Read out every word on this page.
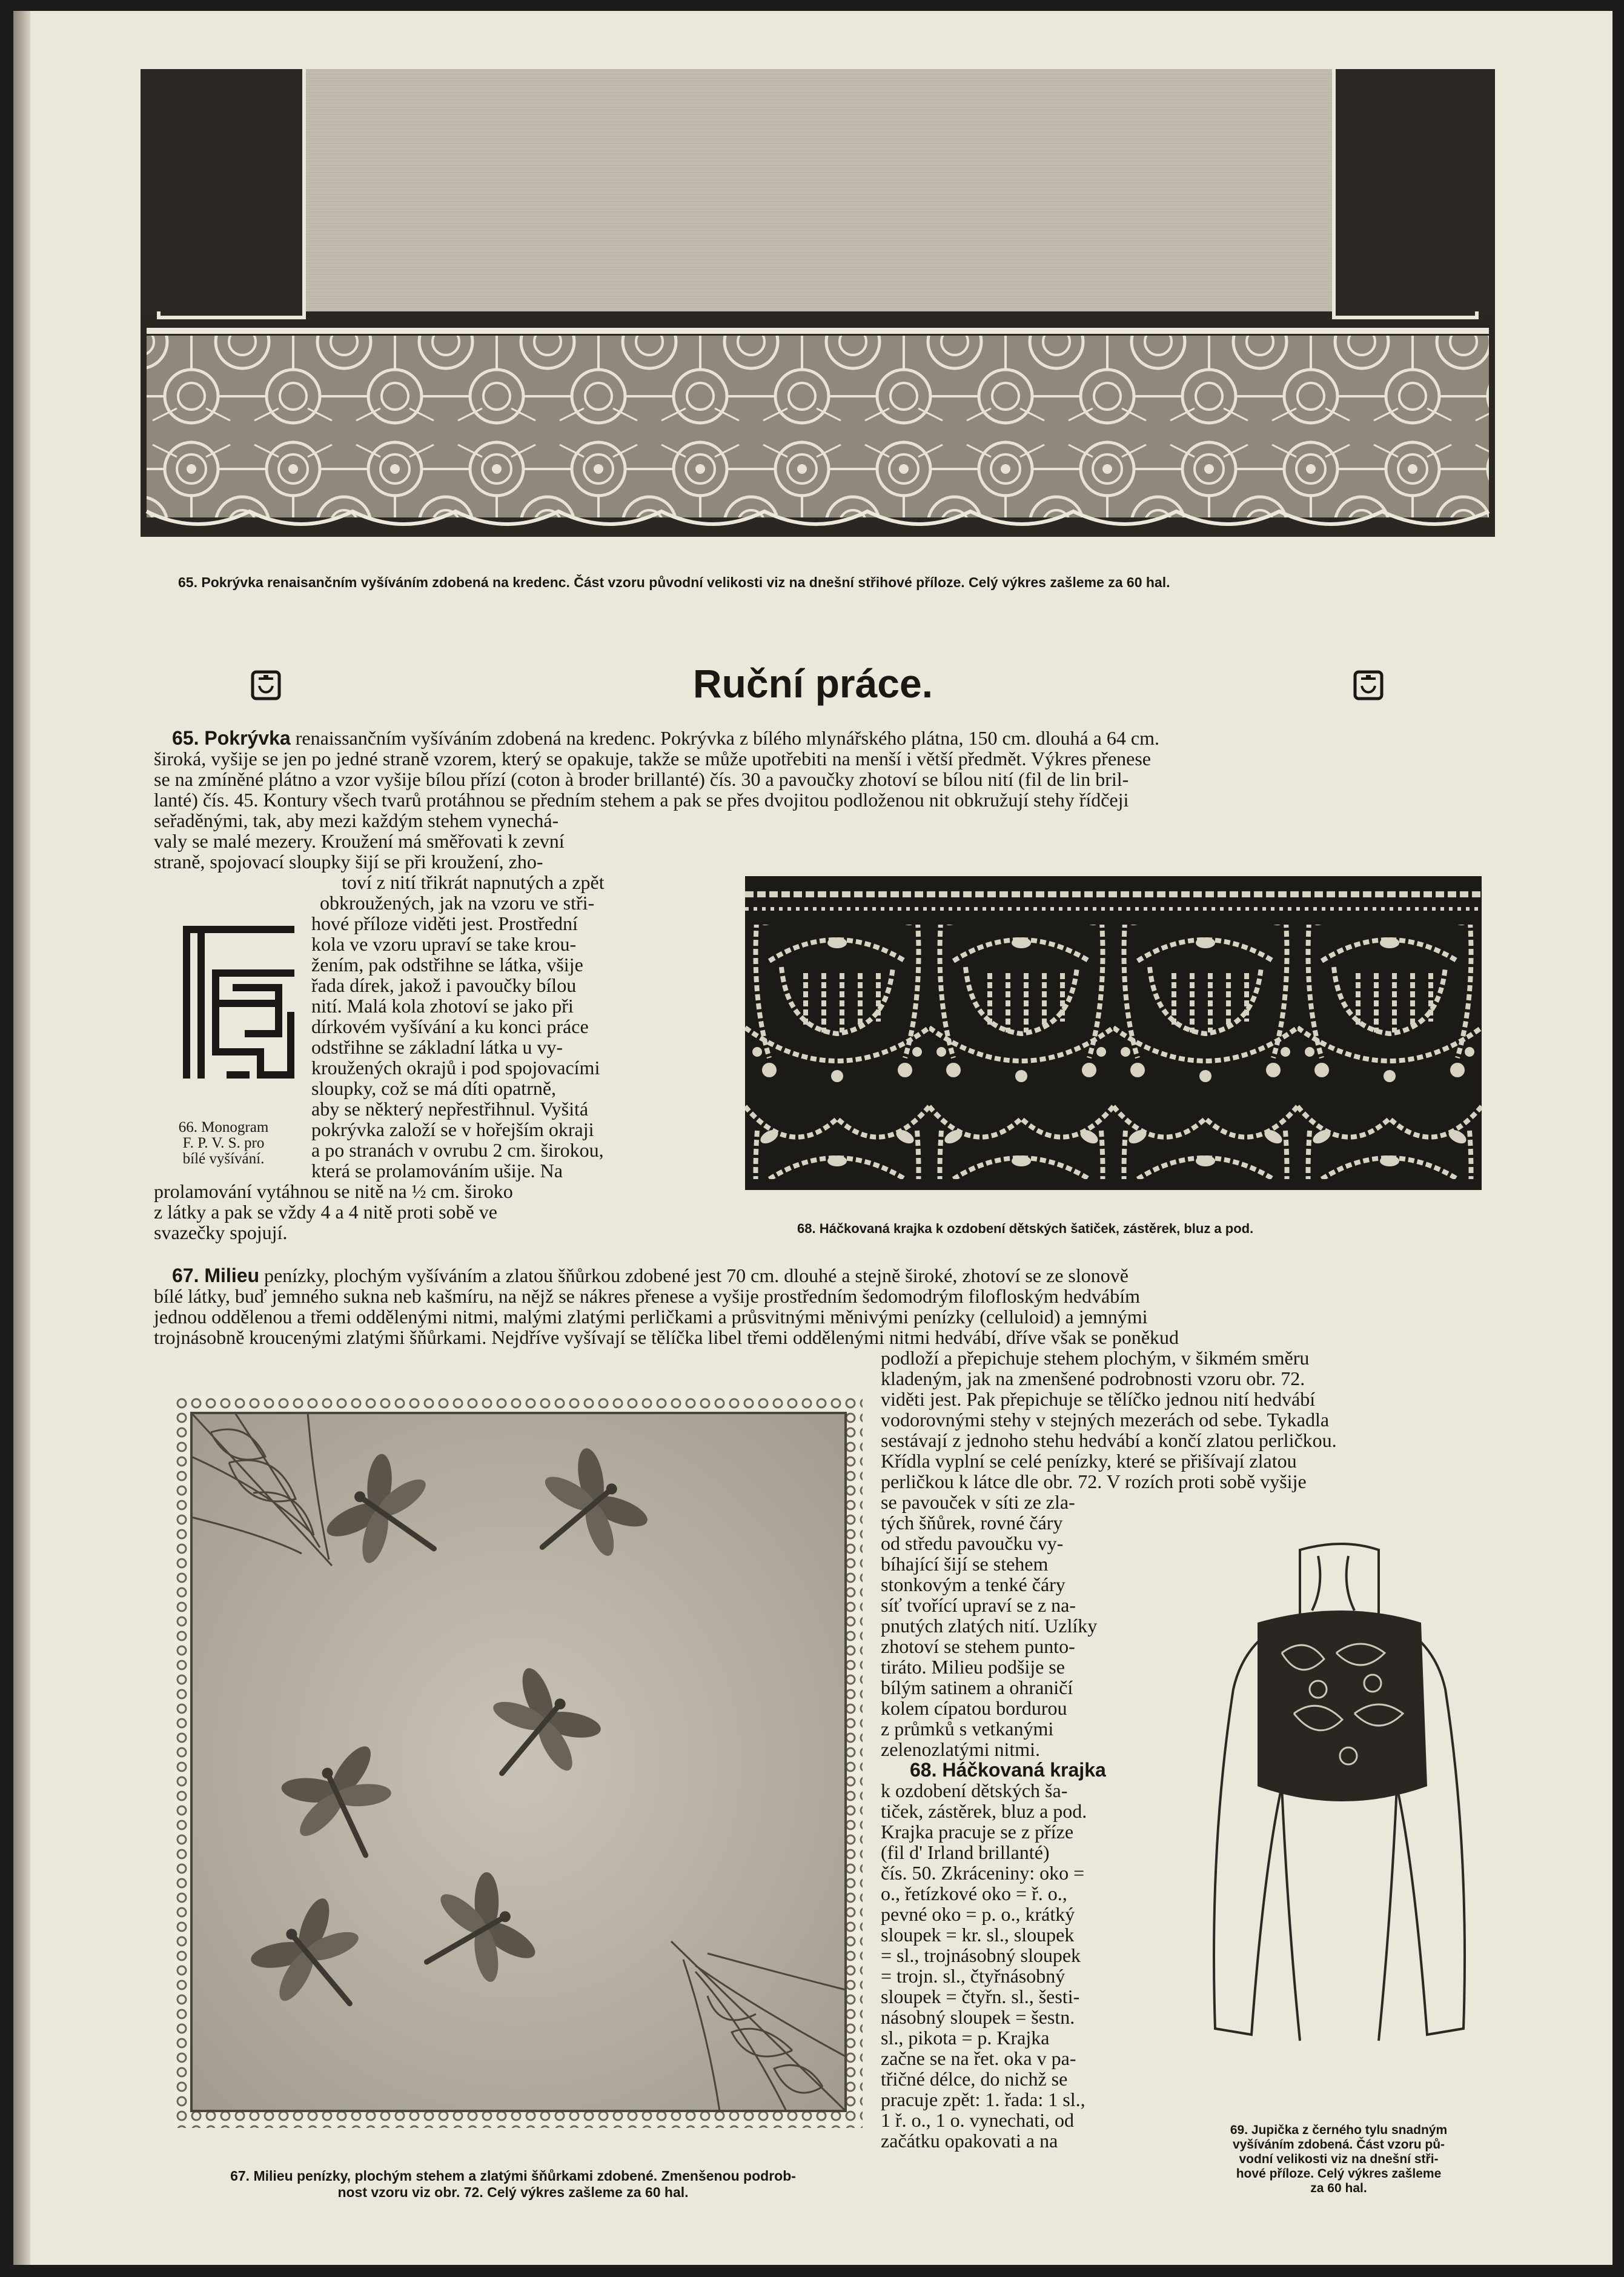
65. Pokrývka renaisančním vyšíváním zdobená na kredenc. Část vzoru původní velikosti viz na dnešní střihové příloze. Celý výkres zašleme za 60 hal.

Ruční práce.

65. Pokrývka renaissančním vyšíváním zdobená na kredenc. Pokrývka z bílého mlynářského plátna, 150 cm. dlouhá a 64 cm.

široká, vyšije se jen po jedné straně vzorem, který se opakuje, takže se může upotřebiti na menší i větší předmět. Výkres přenese

se na zmíněné plátno a vzor vyšije bílou přízí (coton à broder brillanté) čís. 30 a pavoučky zhotoví se bílou nití (fil de lin bril-

lanté) čís. 45. Kontury všech tvarů protáhnou se předním stehem a pak se přes dvojitou podloženou nit obkružují stehy řídčeji

seřaděnými, tak, aby mezi každým stehem vynechá-

valy se malé mezery. Kroužení má směřovati k zevní

straně, spojovací sloupky šijí se při kroužení, zho-

toví z nití třikrát napnutých a zpět

obkroužených, jak na vzoru ve stři-

hové příloze viděti jest. Prostřední

kola ve vzoru upraví se take krou-

žením, pak odstřihne se látka, všije

řada dírek, jakož i pavoučky bílou

nití. Malá kola zhotoví se jako při

dírkovém vyšívání a ku konci práce

odstřihne se základní látka u vy-

kroužených okrajů i pod spojovacími

sloupky, což se má díti opatrně,

aby se některý nepřestřihnul. Vyšitá

pokrývka založí se v hořejším okraji

a po stranách v ovrubu 2 cm. širokou,

která se prolamováním ušije. Na

prolamování vytáhnou se nitě na ½ cm. široko

z látky a pak se vždy 4 a 4 nitě proti sobě ve

svazečky spojují.

66. Monogram
F. P. V. S. pro
bílé vyšívání.

68. Háčkovaná krajka k ozdobení dětských šatiček, zástěrek, bluz a pod.

67. Milieu penízky, plochým vyšíváním a zlatou šňůrkou zdobené jest 70 cm. dlouhé a stejně široké, zhotoví se ze slonově

bílé látky, buď jemného sukna neb kašmíru, na nějž se nákres přenese a vyšije prostředním šedomodrým filofloským hedvábím

jednou oddělenou a třemi oddělenými nitmi, malými zlatými perličkami a průsvitnými měnivými penízky (celluloid) a jemnými

trojnásobně kroucenými zlatými šňůrkami. Nejdříve vyšívají se tělíčka libel třemi oddělenými nitmi hedvábí, dříve však se poněkud

podloží a přepichuje stehem plochým, v šikmém směru

kladeným, jak na zmenšené podrobnosti vzoru obr. 72.

viděti jest. Pak přepichuje se tělíčko jednou nití hedvábí

vodorovnými stehy v stejných mezerách od sebe. Tykadla

sestávají z jednoho stehu hedvábí a končí zlatou perličkou.

Křídla vyplní se celé penízky, které se přišívají zlatou

perličkou k látce dle obr. 72. V rozích proti sobě vyšije

se pavouček v síti ze zla-

tých šňůrek, rovné čáry

od středu pavoučku vy-

bíhající šijí se stehem

stonkovým a tenké čáry

síť tvořící upraví se z na-

pnutých zlatých nití. Uzlíky

zhotoví se stehem punto-

tiráto. Milieu podšije se

bílým satinem a ohraničí

kolem cípatou bordurou

z průmků s vetkanými

zelenozlatými nitmi.

68. Háčkovaná krajka

k ozdobení dětských ša-

tiček, zástěrek, bluz a pod.

Krajka pracuje se z příze

(fil d' Irland brillanté)

čís. 50. Zkráceniny: oko =

o., řetízkové oko = ř. o.,

pevné oko = p. o., krátký

sloupek = kr. sl., sloupek

= sl., trojnásobný sloupek

= trojn. sl., čtyřnásobný

sloupek = čtyřn. sl., šesti-

násobný sloupek = šestn.

sl., pikota = p. Krajka

začne se na řet. oka v pa-

třičné délce, do nichž se

pracuje zpět: 1. řada: 1 sl.,

1 ř. o., 1 o. vynechati, od

začátku opakovati a na

67. Milieu penízky, plochým stehem a zlatými šňůrkami zdobené. Zmenšenou podrob-
nost vzoru viz obr. 72. Celý výkres zašleme za 60 hal.

69. Jupička z černého tylu snadným
vyšíváním zdobená. Část vzoru pů-
vodní velikosti viz na dnešní stři-
hové příloze. Celý výkres zašleme
za 60 hal.
